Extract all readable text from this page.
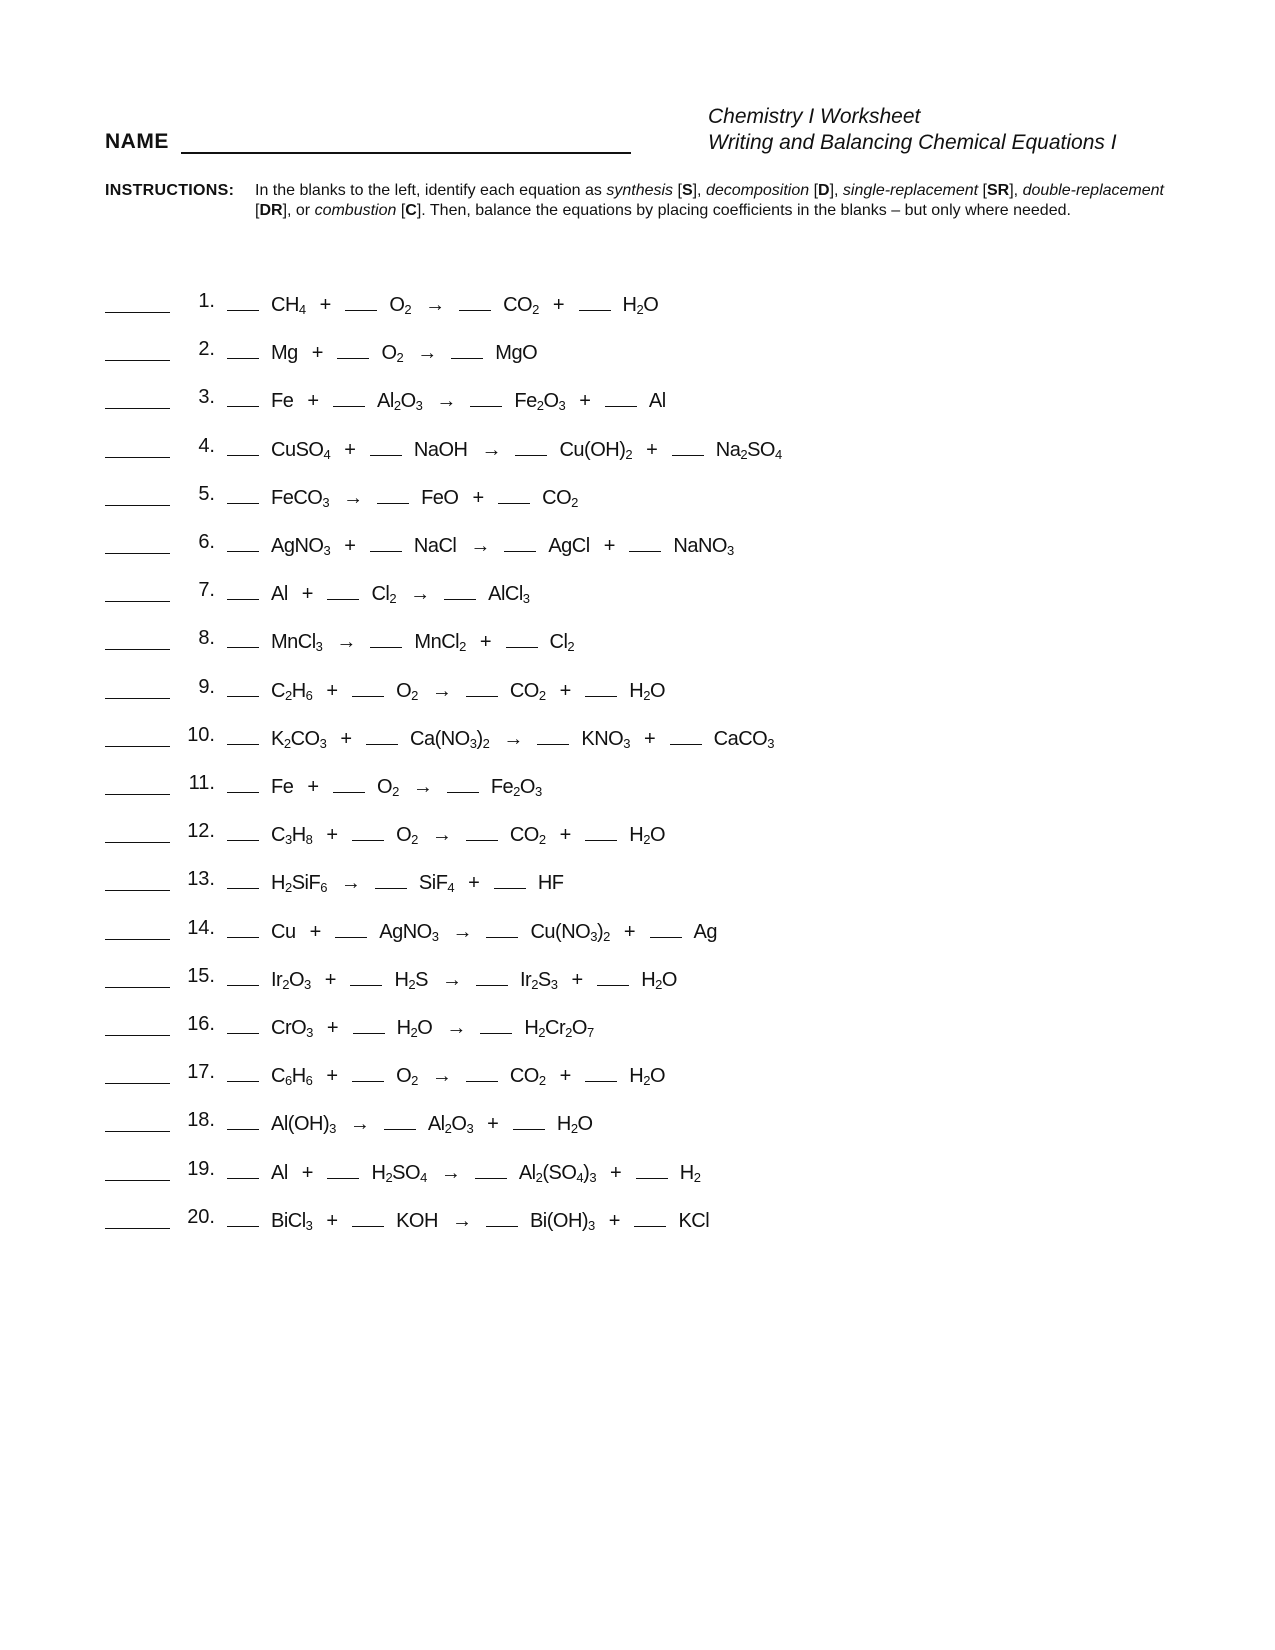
NAME
Chemistry I Worksheet
Writing and Balancing Chemical Equations I
INSTRUCTIONS: In the blanks to the left, identify each equation as synthesis [S], decomposition [D], single-replacement [SR], double-replacement [DR], or combustion [C]. Then, balance the equations by placing coefficients in the blanks – but only where needed.
1.	$CH_4$ +	$O_2$ →	$CO_2$ +	$H_2O$
2.	Mg +	$O_2$ →	MgO
3.	Fe +	$Al_2O_3$ →	$Fe_2O_3$ +	Al
4.	CuSO$_4$ +	NaOH →	$Cu(OH)_2$ +	$Na_2SO_4$
5.	FeCO$_3$ →	FeO +	$CO_2$
6.	AgNO$_3$ +	NaCl →	AgCl +	NaNO$_3$
7.	Al +	$Cl_2$ →	AlCl$_3$
8.	MnCl$_3$ →	MnCl$_2$ +	$Cl_2$
9.	$C_2H_6$ +	$O_2$ →	$CO_2$ +	$H_2O$
10.	$K_2CO_3$ +	$Ca(NO_3)_2$ →	$KNO_3$ +	CaCO$_3$
11.	Fe +	$O_2$ →	$Fe_2O_3$
12.	$C_3H_8$ +	$O_2$ →	$CO_2$ +	$H_2O$
13.	$H_2SiF_6$ →	SiF$_4$ +	HF
14.	Cu +	AgNO$_3$ →	$Cu(NO_3)_2$ +	Ag
15.	$Ir_2O_3$ +	$H_2S$ →	$Ir_2S_3$ +	$H_2O$
16.	CrO$_3$ +	$H_2O$ →	$H_2Cr_2O_7$
17.	$C_6H_6$ +	$O_2$ →	$CO_2$ +	$H_2O$
18.	$Al(OH)_3$ →	$Al_2O_3$ +	$H_2O$
19.	Al +	$H_2SO_4$ →	$Al_2(SO_4)_3$ +	$H_2$
20.	BiCl$_3$ +	KOH →	$Bi(OH)_3$ +	KCl
